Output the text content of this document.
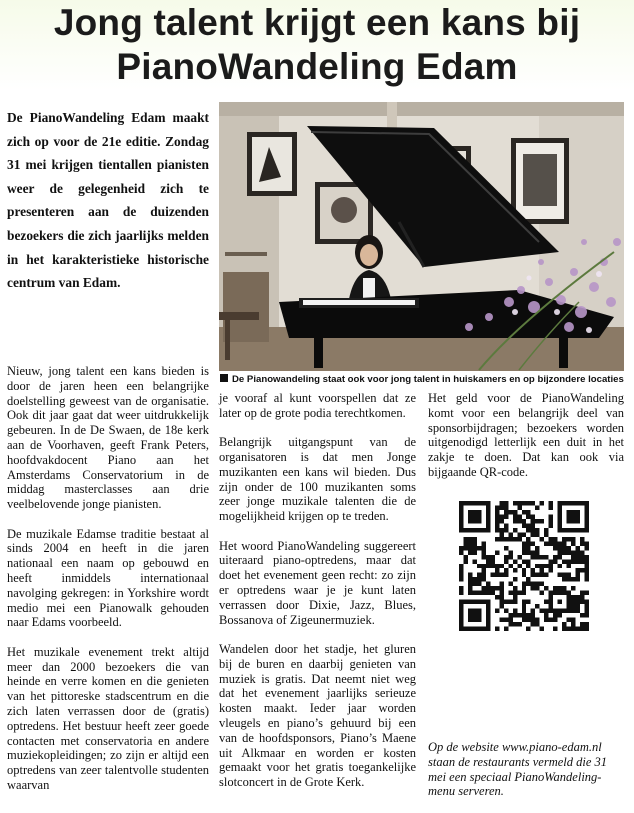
Jong talent krijgt een kans bij PianoWandeling Edam
De PianoWandeling Edam maakt zich op voor de 21e editie. Zondag 31 mei krijgen tientallen pianisten weer de gelegenheid zich te presenteren aan de duizenden bezoekers die zich jaarlijks melden in het karakteristieke historische centrum van Edam.

Nieuw, jong talent een kans bieden is door de jaren heen een belangrijke doelstelling geweest van de organisatie. Ook dit jaar gaat dat weer uitdrukkelijk gebeuren. In de De Swaen, de 18e kerk aan de Voorhaven, geeft Frank Peters, hoofdvakdocent Piano aan het Amsterdams Conservatorium in de middag masterclasses aan drie veelbelovende jonge pianisten.

De muzikale Edamse traditie bestaat al sinds 2004 en heeft in die jaren nationaal een naam op gebouwd en heeft inmiddels internationaal navolging gekregen: in Yorkshire wordt medio mei een Pianowalk gehouden naar Edams voorbeeld.

Het muzikale evenement trekt altijd meer dan 2000 bezoekers die van heinde en verre komen en die genieten van het pittoreske stadscentrum en die zich laten verrassen door de (gratis) optredens. Het bestuur heeft zeer goede contacten met conservatoria en andere muziekopleidingen; zo zijn er altijd een optredens van zeer talentvolle studenten waarvan

De Pianowandeling staat ook voor jong talent in huiskamers en op bijzondere locaties

je vooraf al kunt voorspellen dat ze later op de grote podia terechtkomen.

Belangrijk uitgangspunt van de organisatoren is dat men Jonge muzikanten een kans wil bieden. Dus zijn onder de 100 muzikanten soms zeer jonge muzikale talenten die de mogelijkheid krijgen op te treden.

Het woord PianoWandeling suggereert uiteraard piano-optredens, maar dat doet het evenement geen recht: zo zijn er optredens waar je je kunt laten verrassen door Dixie, Jazz, Blues, Bossanova of Zigeunermuziek.

Wandelen door het stadje, het gluren bij de buren en daarbij genieten van muziek is gratis. Dat neemt niet weg dat het evenement jaarlijks serieuze kosten maakt. Ieder jaar worden vleugels en piano’s gehuurd bij een van de hoofdsponsors, Piano’s Maene uit Alkmaar en worden er kosten gemaakt voor het gratis toegankelijke slotconcert in de Grote Kerk.

Het geld voor de PianoWandeling komt voor een belangrijk deel van sponsorbijdragen; bezoekers worden uitgenodigd letterlijk een duit in het zakje te doen. Dat kan ook via bijgaande QR-code.

Op de website www.piano-edam.nl staan de restaurants vermeld die 31 mei een speciaal PianoWandeling-menu serveren.
